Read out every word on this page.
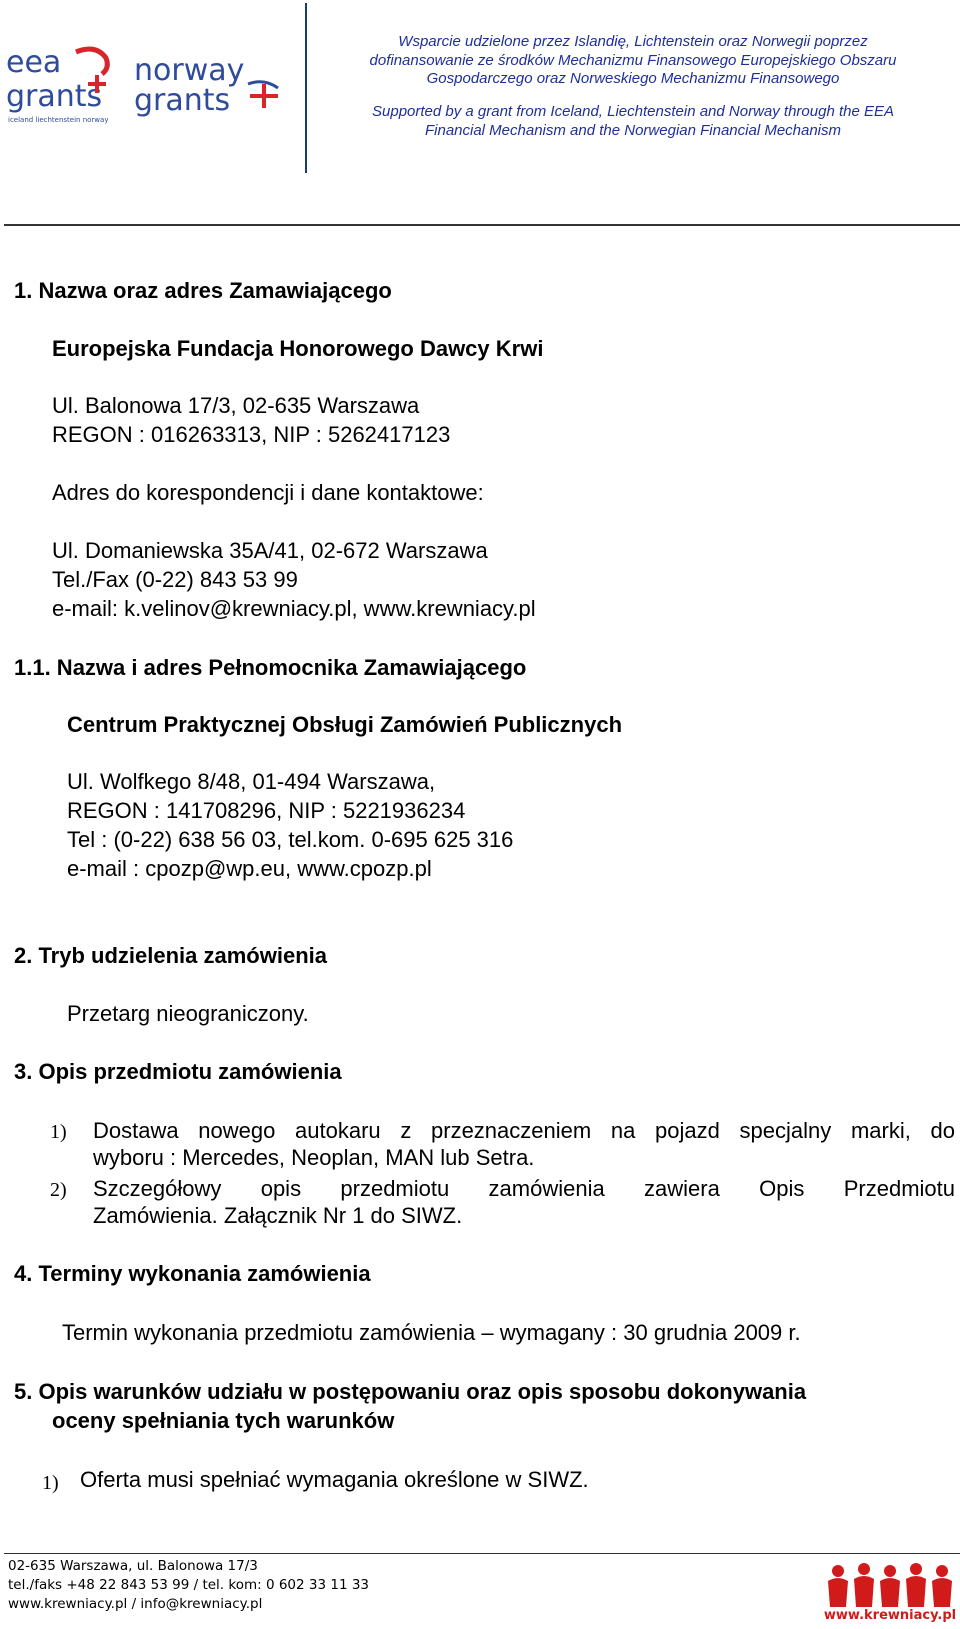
eea
grants
iceland liechtenstein norway
norway
grants
Wsparcie udzielone przez Islandię, Lichtenstein oraz Norwegii poprzez
dofinansowanie ze środków Mechanizmu Finansowego Europejskiego Obszaru
Gospodarczego oraz Norweskiego Mechanizmu Finansowego
Supported by a grant from Iceland, Liechtenstein and Norway through the EEA
Financial Mechanism and the Norwegian Financial Mechanism
1. Nazwa oraz adres Zamawiającego
Europejska Fundacja Honorowego Dawcy Krwi
Ul. Balonowa 17/3, 02-635 Warszawa
REGON : 016263313, NIP : 5262417123
Adres do korespondencji i dane kontaktowe:
Ul. Domaniewska 35A/41, 02-672 Warszawa
Tel./Fax (0-22) 843 53 99
e-mail: k.velinov@krewniacy.pl, www.krewniacy.pl
1.1. Nazwa i adres Pełnomocnika Zamawiającego
Centrum Praktycznej Obsługi Zamówień Publicznych
Ul. Wolfkego 8/48, 01-494 Warszawa,
REGON : 141708296, NIP : 5221936234
Tel : (0-22) 638 56 03, tel.kom. 0-695 625 316
e-mail : cpozp@wp.eu, www.cpozp.pl
2. Tryb udzielenia zamówienia
Przetarg nieograniczony.
3. Opis przedmiotu zamówienia
1) Dostawa nowego autokaru z przeznaczeniem na pojazd specjalny marki, do
wyboru : Mercedes, Neoplan, MAN lub Setra.
2) Szczegółowy opis przedmiotu zamówienia zawiera Opis Przedmiotu
Zamówienia. Załącznik Nr 1 do SIWZ.
4. Terminy wykonania zamówienia
Termin wykonania przedmiotu zamówienia – wymagany : 30 grudnia 2009 r.
5. Opis warunków udziału w postępowaniu oraz opis sposobu dokonywania
oceny spełniania tych warunków
1) Oferta musi spełniać wymagania określone w SIWZ.
02-635 Warszawa, ul. Balonowa 17/3
tel./faks +48 22 843 53 99 / tel. kom: 0 602 33 11 33
www.krewniacy.pl / info@krewniacy.pl
www.krewniacy.pl
